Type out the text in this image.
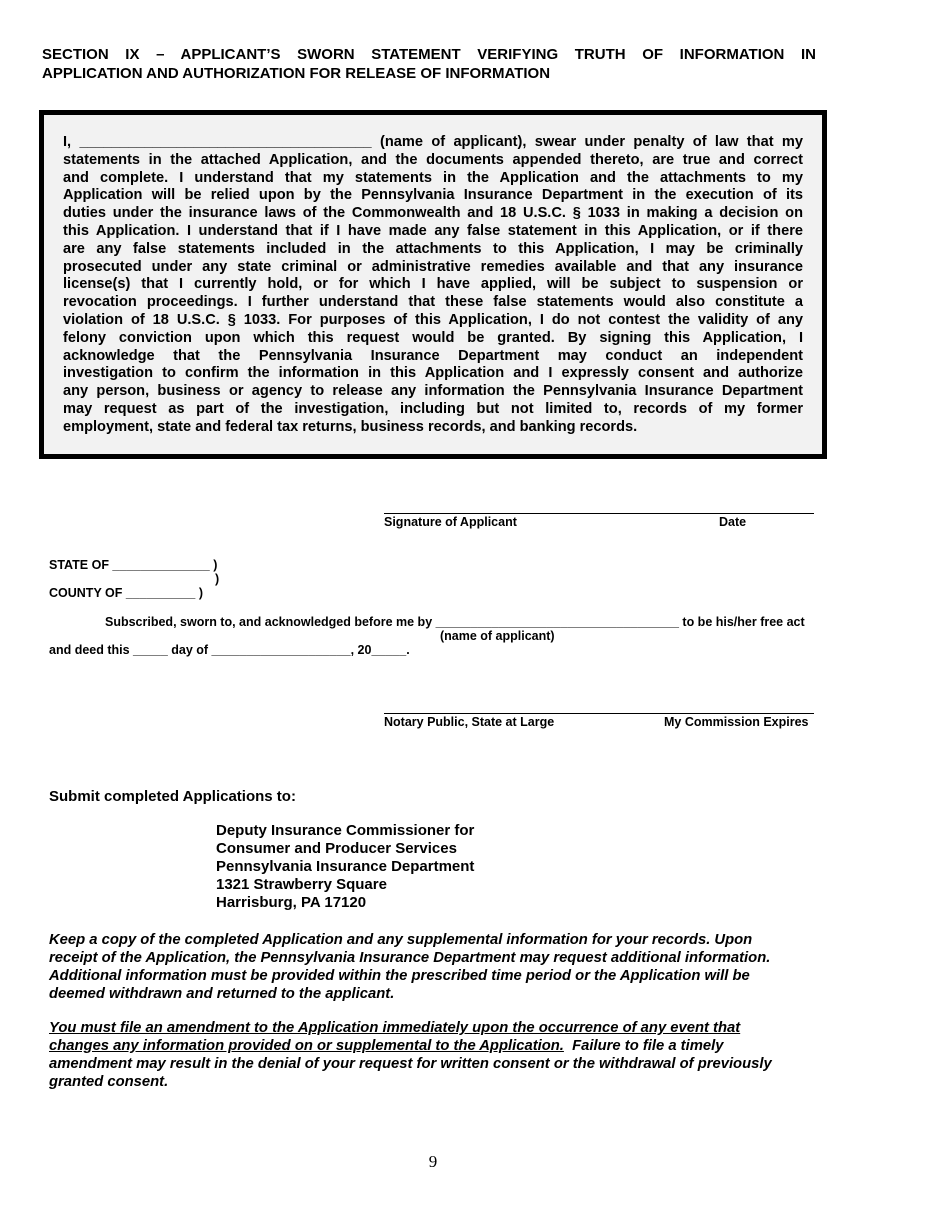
SECTION IX – APPLICANT’S SWORN STATEMENT VERIFYING TRUTH OF INFORMATION IN
APPLICATION AND AUTHORIZATION FOR RELEASE OF INFORMATION
I, ____________________________________ (name of applicant), swear under penalty of law that my
statements in the attached Application, and the documents appended thereto, are true and correct
and complete. I understand that my statements in the Application and the attachments to my
Application will be relied upon by the Pennsylvania Insurance Department in the execution of its
duties under the insurance laws of the Commonwealth and 18 U.S.C. § 1033 in making a decision on
this Application. I understand that if I have made any false statement in this Application, or if there
are any false statements included in the attachments to this Application, I may be criminally
prosecuted under any state criminal or administrative remedies available and that any insurance
license(s) that I currently hold, or for which I have applied, will be subject to suspension or
revocation proceedings. I further understand that these false statements would also constitute a
violation of 18 U.S.C. § 1033. For purposes of this Application, I do not contest the validity of any
felony conviction upon which this request would be granted. By signing this Application, I
acknowledge that the Pennsylvania Insurance Department may conduct an independent
investigation to confirm the information in this Application and I expressly consent and authorize
any person, business or agency to release any information the Pennsylvania Insurance Department
may request as part of the investigation, including but not limited to, records of my former
employment, state and federal tax returns, business records, and banking records.
Signature of Applicant	Date
STATE OF ______________ )
)
COUNTY OF __________ )
Subscribed, sworn to, and acknowledged before me by ___________________________________ to be his/her free act
(name of applicant)
and deed this _____ day of ____________________, 20_____.
Notary Public, State at Large	My Commission Expires
Submit completed Applications to:
Deputy Insurance Commissioner for
Consumer and Producer Services
Pennsylvania Insurance Department
1321 Strawberry Square
Harrisburg, PA 17120
Keep a copy of the completed Application and any supplemental information for your records. Upon
receipt of the Application, the Pennsylvania Insurance Department may request additional information.
Additional information must be provided within the prescribed time period or the Application will be
deemed withdrawn and returned to the applicant.
You must file an amendment to the Application immediately upon the occurrence of any event that
changes any information provided on or supplemental to the Application.  Failure to file a timely
amendment may result in the denial of your request for written consent or the withdrawal of previously
granted consent.
9
